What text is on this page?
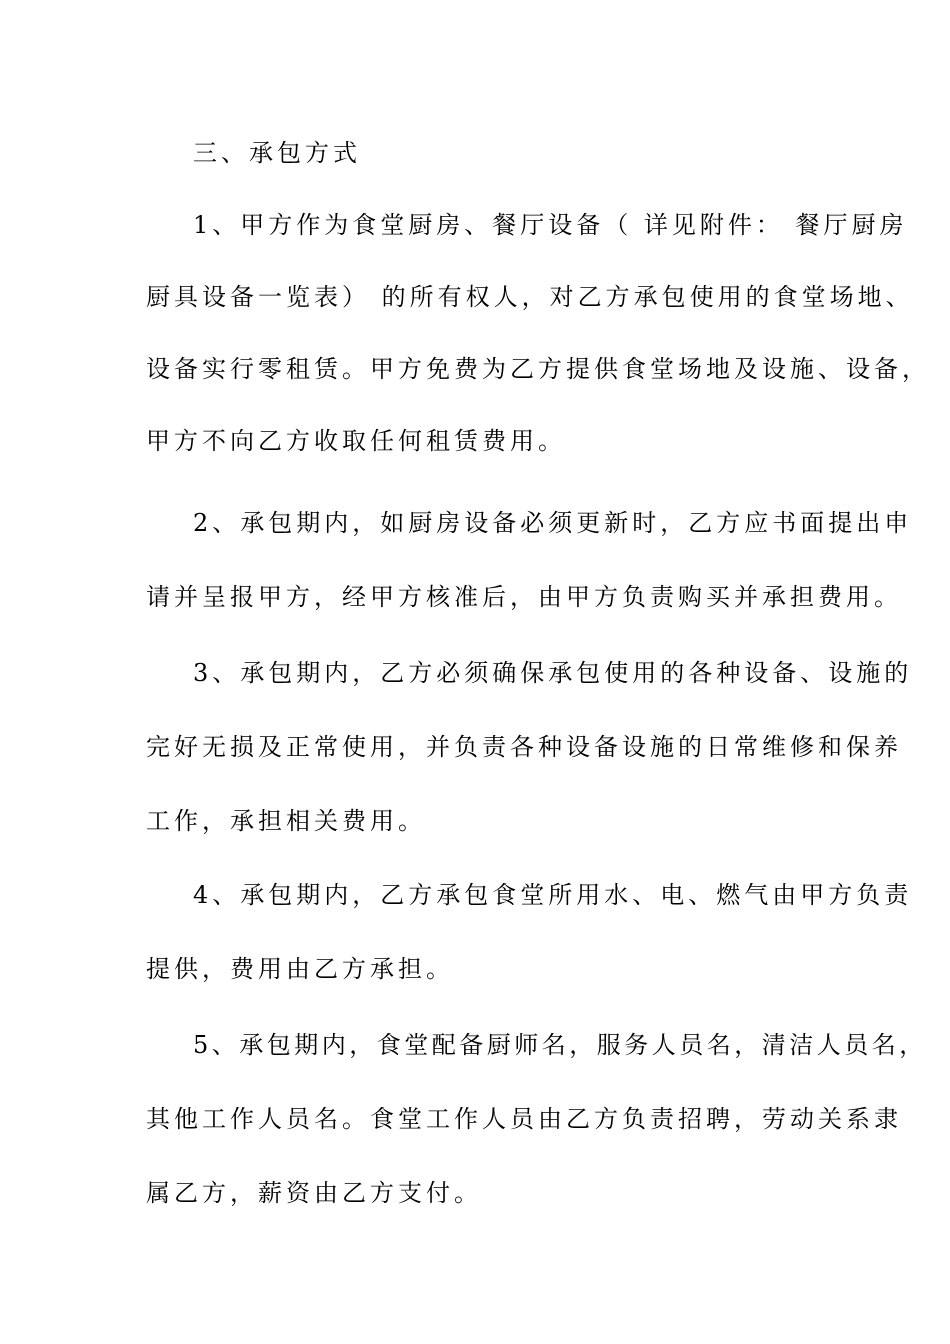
三、承包方式

1、甲方作为食堂厨房、餐厅设备（ 详见附件： 餐厅厨房

厨具设备一览表） 的所有权人，对乙方承包使用的食堂场地、

设备实行零租赁。甲方免费为乙方提供食堂场地及设施、设备，

甲方不向乙方收取任何租赁费用。

2、承包期内，如厨房设备必须更新时，乙方应书面提出申

请并呈报甲方，经甲方核准后，由甲方负责购买并承担费用。

3、承包期内，乙方必须确保承包使用的各种设备、设施的

完好无损及正常使用，并负责各种设备设施的日常维修和保养

工作，承担相关费用。

4、承包期内，乙方承包食堂所用水、电、燃气由甲方负责

提供，费用由乙方承担。

5、承包期内，食堂配备厨师名，服务人员名，清洁人员名，

其他工作人员名。食堂工作人员由乙方负责招聘，劳动关系隶

属乙方，薪资由乙方支付。
